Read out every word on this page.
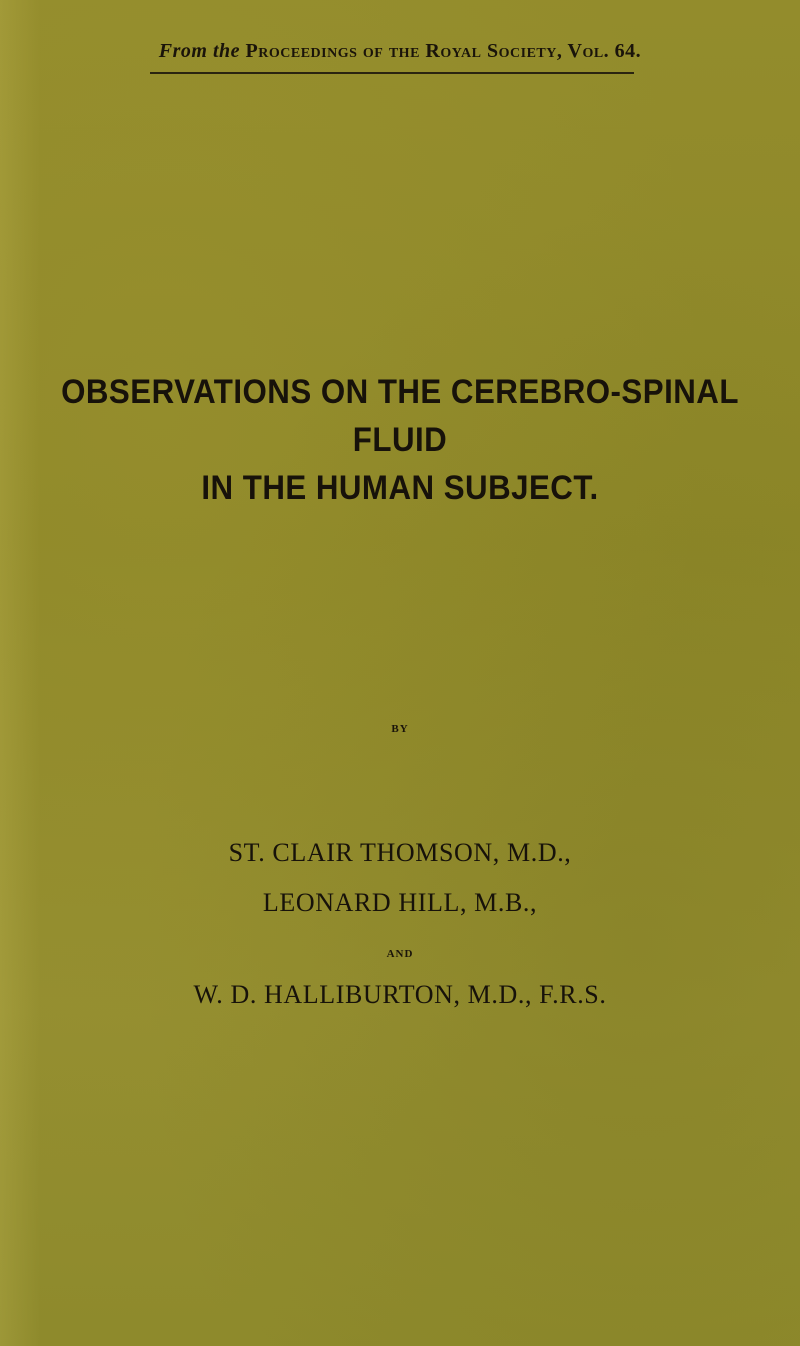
From the Proceedings of the Royal Society, Vol. 64.
OBSERVATIONS ON THE CEREBRO-SPINAL FLUID
IN THE HUMAN SUBJECT.
BY
ST. CLAIR THOMSON, M.D.,
LEONARD HILL, M.B.,
AND
W. D. HALLIBURTON, M.D., F.R.S.
